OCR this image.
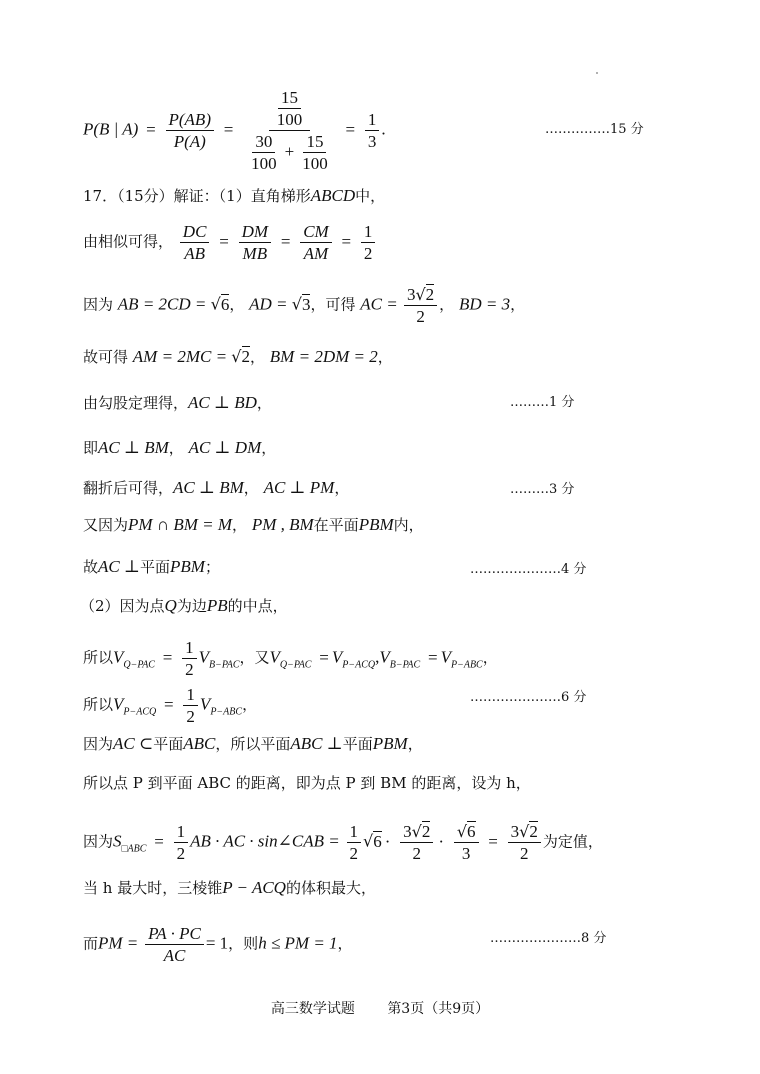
P(B | $A) = \frac{P(AB)}{P(A)} = \frac{\frac{15}{100}}{\frac{30}{100} + \frac{15}{100}} = \frac{1}{3}$ .	……………15 分
17．（15分）解证：（1）直角梯形ABCD中，
由相似可得， $\frac{DC}{AB} = \frac{DM}{MB} = \frac{CM}{AM} = \frac{1}{2}$
因为 AB = 2CD = √6， AD = √3，可得 AC = $\frac{3√2}{2}$ ， BD = 3，
故可得 AM = 2MC = √2， BM = 2DM = 2，
由勾股定理得，AC ⊥ BD，	………1 分
即AC ⊥ BM， AC ⊥ DM，
翻折后可得，AC ⊥ BM， AC ⊥ PM，	………3 分
又因为PM ∩ BM = M， PM , BM在平面PBM内，
故AC ⊥平面PBM；	…………………4 分
（2）因为点Q为边PB的中点，
所以$V_{Q-PAC} = \frac{1}{2} V_{B-PAC}$，又$V_{Q-PAC} = V_{P-ACQ},V_{B-PAC} = V_{P-ABC}$，
所以$V_{P-ACQ} = \frac{1}{2} V_{P-ABC}$，	…………………6 分
因为AC ⊂平面ABC，所以平面ABC ⊥平面PBM，
所以点 P 到平面 ABC 的距离，即为点 P 到 BM 的距离，设为 h，
因为$S_{□ABC} = \frac{1}{2}$ AB · AC · sin∠CAB = $\frac{1}{2} √6 \cdot \frac{3√2}{2} \cdot \frac{√6}{3} = \frac{3√2}{2}$ 为定值，
当 h 最大时，三棱锥P − ACQ的体积最大，
而PM = $\frac{PA \cdot PC}{AC} = 1$，则h ≤ PM = 1，	…………………8 分
高三数学试题 第3页（共9页）
